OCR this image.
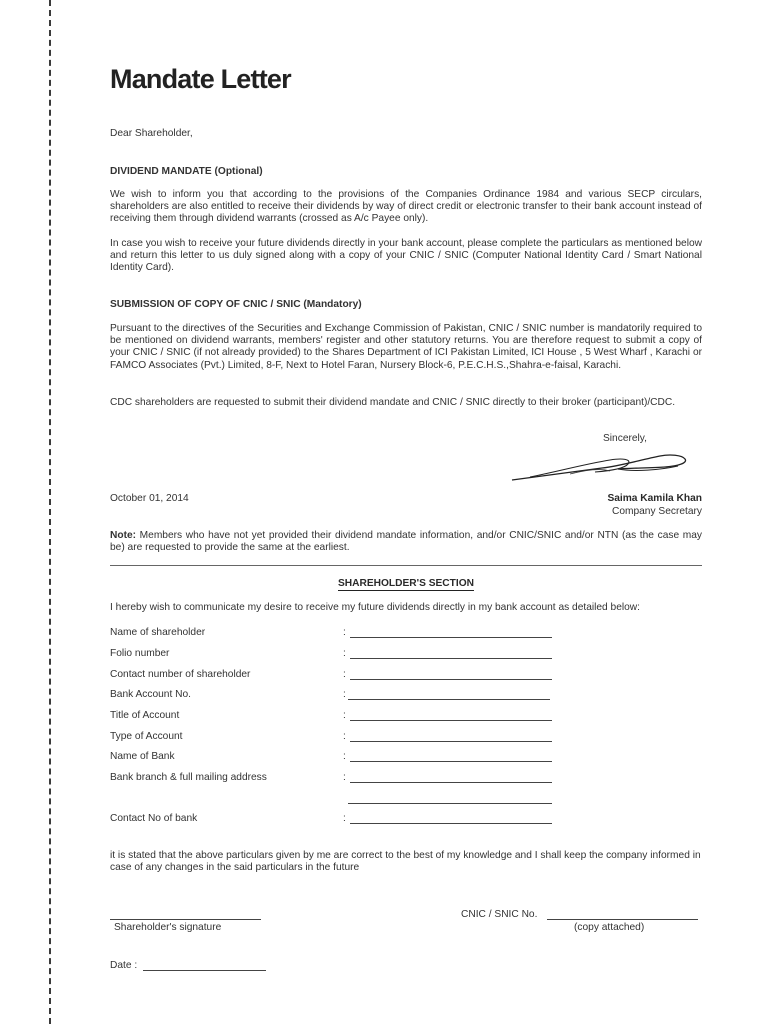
Mandate Letter
Dear Shareholder,
DIVIDEND MANDATE (Optional)
We wish to inform you that according to the provisions of the Companies Ordinance 1984 and various SECP circulars, shareholders are also entitled to receive their dividends by way of direct credit or electronic transfer to their bank account instead of receiving them through dividend warrants (crossed as A/c Payee only).
In case you wish to receive your future dividends directly in your bank account, please complete the particulars as mentioned below and return this letter to us duly signed along with a copy of your CNIC / SNIC (Computer National Identity Card / Smart National Identity Card).
SUBMISSION OF COPY OF CNIC / SNIC (Mandatory)
Pursuant to the directives of the Securities and Exchange Commission of Pakistan, CNIC / SNIC number is mandatorily required to be mentioned on dividend warrants, members' register and other statutory returns. You are therefore request to submit a copy of your CNIC / SNIC (if not already provided) to the Shares Department of ICI Pakistan Limited, ICI House , 5 West Wharf , Karachi or FAMCO Associates (Pvt.) Limited, 8-F, Next to Hotel Faran, Nursery Block-6, P.E.C.H.S.,Shahra-e-faisal, Karachi.
CDC shareholders are requested to submit their dividend mandate and CNIC / SNIC directly to their broker (participant)/CDC.
Sincerely,
October 01, 2014	Saima Kamila Khan
Company Secretary
Note: Members who have not yet provided their dividend mandate information, and/or CNIC/SNIC and/or NTN (as the case may be) are requested to provide the same at the earliest.
SHAREHOLDER'S SECTION
I hereby wish to communicate my desire to receive my future dividends directly in my bank account as detailed below:
Name of shareholder	:
Folio number	:
Contact number of shareholder	:
Bank Account No.	:
Title of Account	:
Type of Account	:
Name of Bank	:
Bank branch & full mailing address	:
Contact No of bank	:
it is stated that the above particulars given by me are correct to the best of my knowledge and I shall keep the company informed in case of any changes in the said particulars in the future
Shareholder's signature
CNIC / SNIC No.
(copy attached)
Date :
